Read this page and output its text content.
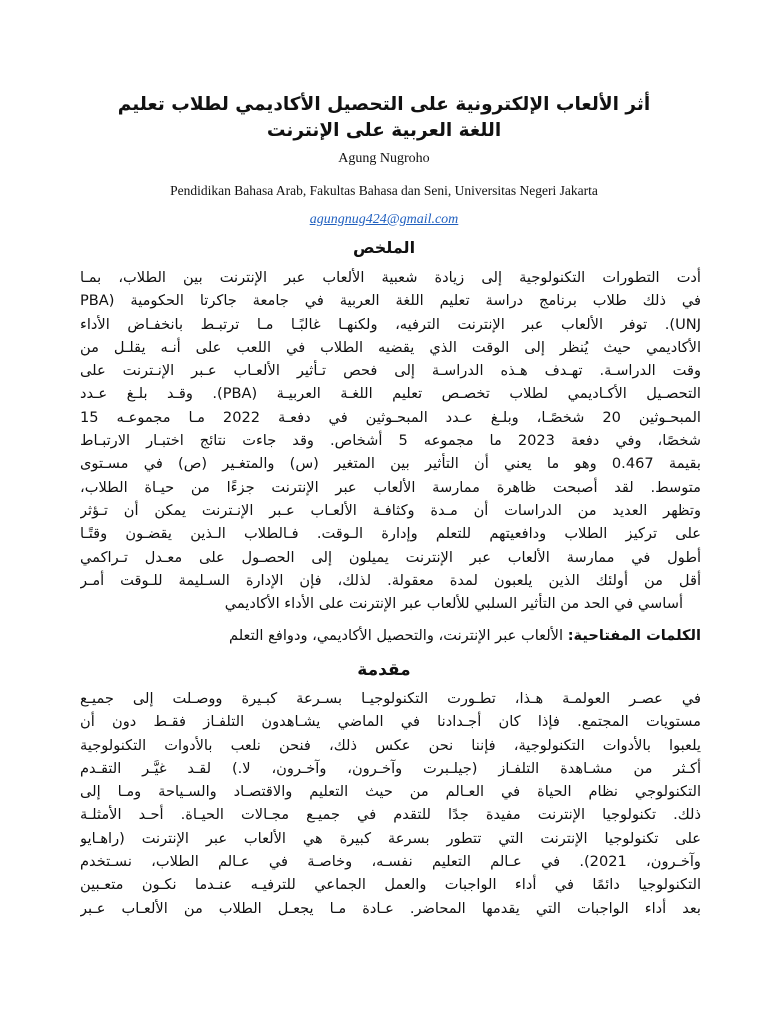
أثر الألعاب الإلكترونية على التحصيل الأكاديمي لطلاب تعليم
اللغة العربية على الإنترنت
Agung Nugroho
Pendidikan Bahasa Arab, Fakultas Bahasa dan Seni, Universitas Negeri Jakarta
agungnug424@gmail.com
الملخص
أدت التطورات التكنولوجية إلى زيادة شعبية الألعاب عبر الإنترنت بين الطلاب، بمـا
في ذلك طلاب برنامج دراسة تعليم اللغة العربية في جامعة جاكرتا الحكومية (PBA
UNJ). توفر الألعاب عبر الإنترنت الترفيه، ولكنهـا غالبًـا مـا ترتبـط بانخفـاض الأداء
الأكاديمي حيث يُنظر إلى الوقت الذي يقضيه الطلاب في اللعب على أنـه يقلـل من
وقت الدراسـة. تهـدف هـذه الدراسـة إلى فحص تـأثير الألعـاب عـبر الإنـترنت على
التحصـيل الأكـاديمي لطلاب تخصـص تعليم اللغـة العربيـة (PBA). وقـد بلـغ عـدد
المبحـوثين 20 شخصًـا، وبلـغ عـدد المبحـوثين في دفعـة 2022 مـا مجموعـه 15
شخصًا، وفي دفعة 2023 ما مجموعه 5 أشخاص. وقد جاءت نتائج اختبـار الارتبـاط
بقيمة 0.467 وهو ما يعني أن التأثير بين المتغير (س) والمتغـير (ص) في مسـتوى
متوسط. لقد أصبحت ظاهرة ممارسة الألعاب عبر الإنترنت جزءًا من حيـاة الطلاب،
وتظهر العديد من الدراسات أن مـدة وكثافـة الألعـاب عـبر الإنـترنت يمكن أن تـؤثر
على تركيز الطلاب ودافعيتهم للتعلم وإدارة الـوقت. فـالطلاب الـذين يقضـون وقتًـا
أطول في ممارسة الألعاب عبر الإنترنت يميلون إلى الحصـول على معـدل تـراكمي
أقل من أولئك الذين يلعبون لمدة معقولة. لذلك، فإن الإدارة السـليمة للـوقت أمـر
أساسي في الحد من التأثير السلبي للألعاب عبر الإنترنت على الأداء الأكاديمي
الكلمات المفتاحية: الألعاب عبر الإنترنت، والتحصيل الأكاديمي، ودوافع التعلم
مقدمة
في عصـر العولمـة هـذا، تطـورت التكنولوجيـا بسـرعة كبـيرة ووصـلت إلى جميـع
مستويات المجتمع. فإذا كان أجـدادنا في الماضي يشـاهدون التلفـاز فقـط دون أن
يلعبوا بالأدوات التكنولوجية، فإننا نحن عكس ذلك، فنحن نلعب بالأدوات التكنولوجية
أكـثر من مشـاهدة التلفـاز (جيلـبرت وآخـرون، وآخـرون، لا.) لقـد غيَّـر التقـدم
التكنولوجي نظام الحياة في العـالم من حيث التعليم والاقتصـاد والسـياحة ومـا إلى
ذلك. تكنولوجيا الإنترنت مفيدة جدًا للتقدم في جميـع مجـالات الحيـاة. أحـد الأمثلـة
على تكنولوجيا الإنترنت التي تتطور بسرعة كبيرة هي الألعاب عبر الإنترنت (راهـايو
وآخـرون، 2021). في عـالم التعليم نفسـه، وخاصـة في عـالم الطلاب، نسـتخدم
التكنولوجيا دائمًا في أداء الواجبات والعمل الجماعي للترفيـه عنـدما نكـون متعـبين
بعد أداء الواجبات التي يقدمها المحاضر. عـادة مـا يجعـل الطلاب من الألعـاب عـبر
